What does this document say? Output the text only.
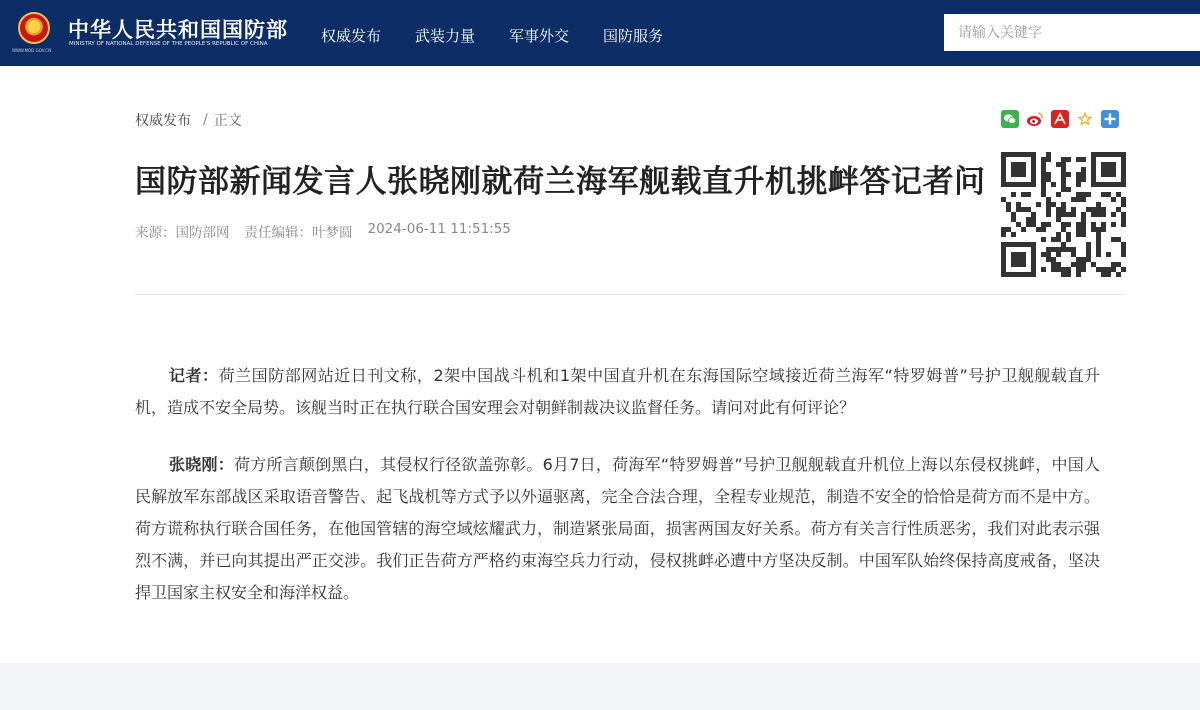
WWW.MOD.GOV.CN
中华人民共和国国防部
MINISTRY OF NATIONAL DEFENSE OF THE PEOPLE'S REPUBLIC OF CHINA	权威发布 武装力量 军事外交 国防服务
请输入关键字
权威发布 / 正文
国防部新闻发言人张晓刚就荷兰海军舰载直升机挑衅答记者问
来源：国防部网 责任编辑：叶梦圆 2024-06-11 11:51:55

记者：荷兰国防部网站近日刊文称，2架中国战斗机和1架中国直升机在东海国际空域接近荷兰海军“特罗姆普”号护卫舰舰载直升机，造成不安全局势。该舰当时正在执行联合国安理会对朝鲜制裁决议监督任务。请问对此有何评论？

张晓刚：荷方所言颠倒黑白，其侵权行径欲盖弥彰。6月7日，荷海军“特罗姆普”号护卫舰舰载直升机位上海以东侵权挑衅，中国人民解放军东部战区采取语音警告、起飞战机等方式予以外逼驱离，完全合法合理，全程专业规范，制造不安全的恰恰是荷方而不是中方。荷方谎称执行联合国任务，在他国管辖的海空域炫耀武力，制造紧张局面，损害两国友好关系。荷方有关言行性质恶劣，我们对此表示强烈不满，并已向其提出严正交涉。我们正告荷方严格约束海空兵力行动，侵权挑衅必遭中方坚决反制。中国军队始终保持高度戒备，坚决捍卫国家主权安全和海洋权益。
